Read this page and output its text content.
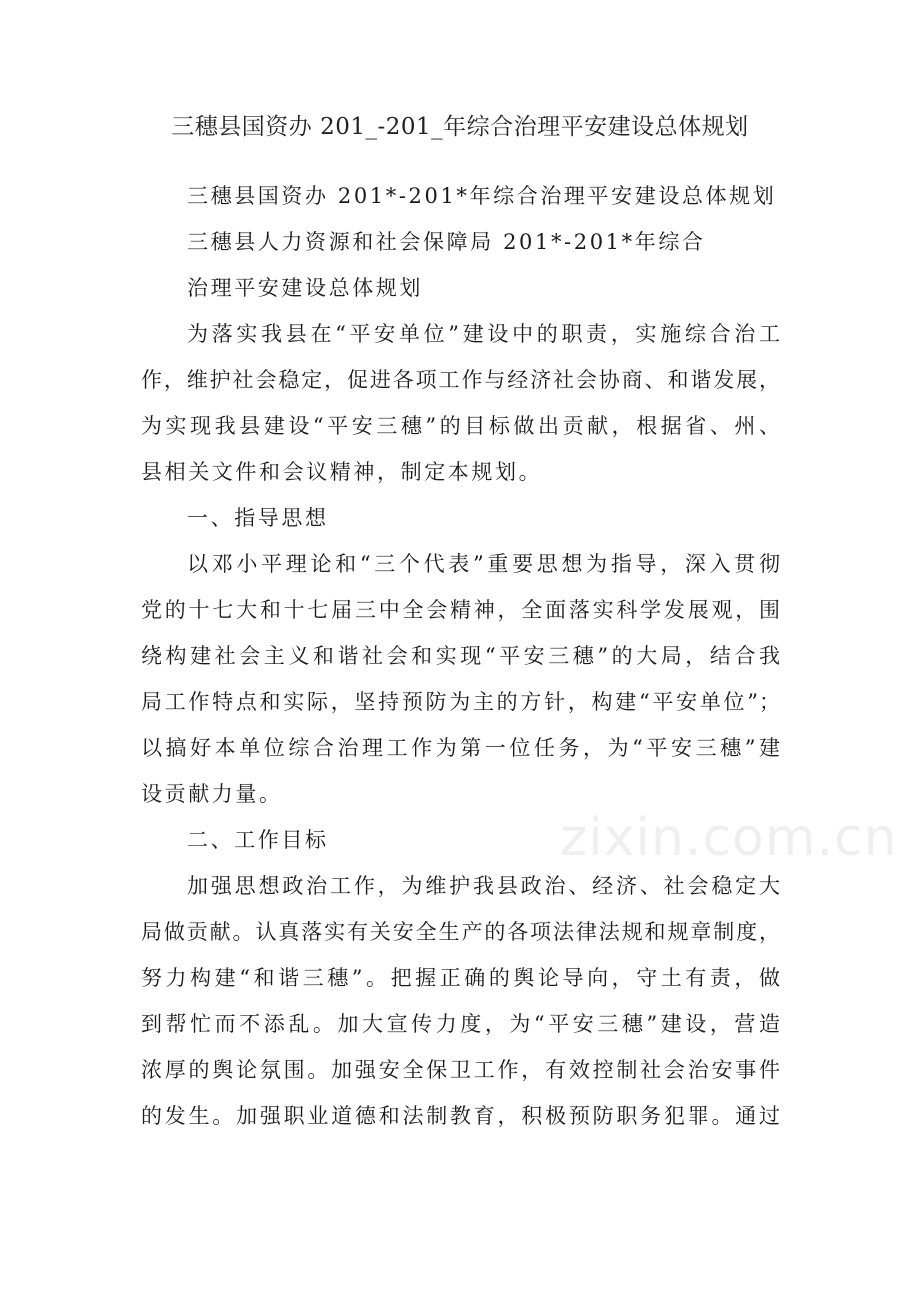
三穗县国资办 201_-201_年综合治理平安建设总体规划
三穗县国资办 201*-201*年综合治理平安建设总体规划
三穗县人力资源和社会保障局 201*-201*年综合
治理平安建设总体规划
为落实我县在“平安单位”建设中的职责，实施综合治工
作，维护社会稳定，促进各项工作与经济社会协商、和谐发展，
为实现我县建设“平安三穗”的目标做出贡献，根据省、州、
县相关文件和会议精神，制定本规划。
一、指导思想
以邓小平理论和“三个代表”重要思想为指导，深入贯彻
党的十七大和十七届三中全会精神，全面落实科学发展观，围
绕构建社会主义和谐社会和实现“平安三穗”的大局，结合我
局工作特点和实际，坚持预防为主的方针，构建“平安单位”；
以搞好本单位综合治理工作为第一位任务，为“平安三穗”建
设贡献力量。
二、工作目标
加强思想政治工作，为维护我县政治、经济、社会稳定大
局做贡献。认真落实有关安全生产的各项法律法规和规章制度，
努力构建“和谐三穗”。把握正确的舆论导向，守土有责，做
到帮忙而不添乱。加大宣传力度，为“平安三穗”建设，营造
浓厚的舆论氛围。加强安全保卫工作，有效控制社会治安事件
的发生。加强职业道德和法制教育，积极预防职务犯罪。通过
zixin.com.cn
